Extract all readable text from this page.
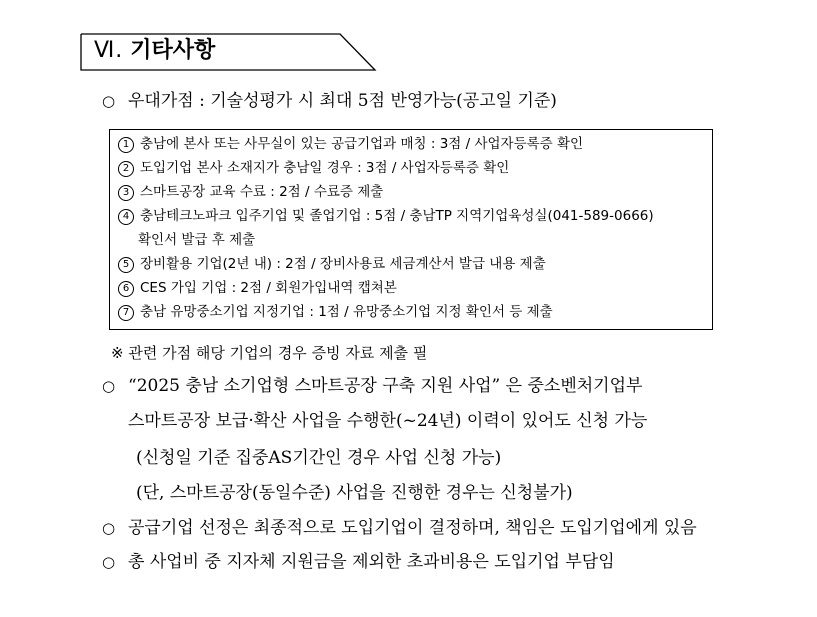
Ⅵ. 기타사항
○ 우대가점 : 기술성평가 시 최대 5점 반영가능(공고일 기준)
1 충남에 본사 또는 사무실이 있는 공급기업과 매칭 : 3점 / 사업자등록증 확인
2 도입기업 본사 소재지가 충남일 경우 : 3점 / 사업자등록증 확인
3 스마트공장 교육 수료 : 2점 / 수료증 제출
4 충남테크노파크 입주기업 및 졸업기업 : 5점 / 충남TP 지역기업육성실(041-589-0666)
확인서 발급 후 제출
5 장비활용 기업(2년 내) : 2점 / 장비사용료 세금계산서 발급 내용 제출
6 CES 가입 기업 : 2점 / 회원가입내역 캡쳐본
7 충남 유망중소기업 지정기업 : 1점 / 유망중소기업 지정 확인서 등 제출
※ 관련 가점 해당 기업의 경우 증빙 자료 제출 필
○ “2025 충남 소기업형 스마트공장 구축 지원 사업” 은 중소벤처기업부
스마트공장 보급·확산 사업을 수행한(~24년) 이력이 있어도 신청 가능
(신청일 기준 집중AS기간인 경우 사업 신청 가능)
(단, 스마트공장(동일수준) 사업을 진행한 경우는 신청불가)
○ 공급기업 선정은 최종적으로 도입기업이 결정하며, 책임은 도입기업에게 있음
○ 총 사업비 중 지자체 지원금을 제외한 초과비용은 도입기업 부담임
